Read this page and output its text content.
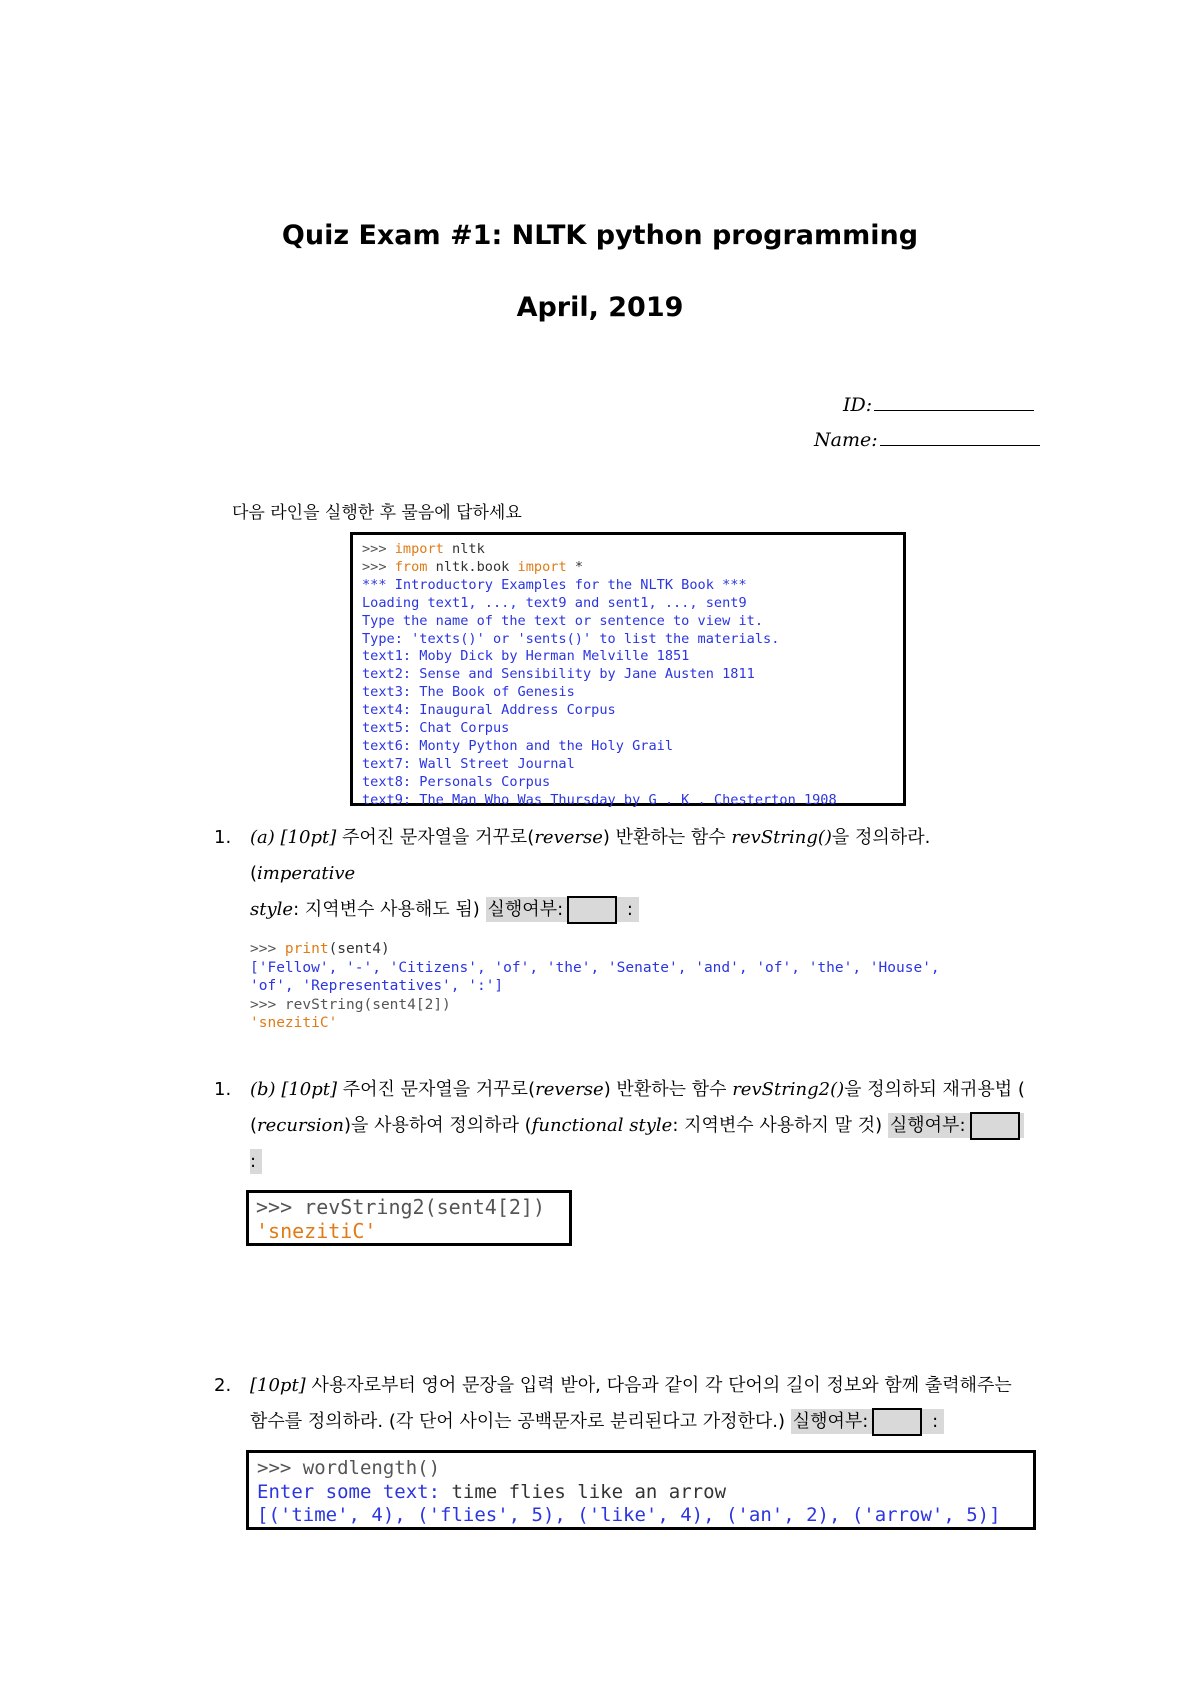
Quiz Exam #1: NLTK python programming
April, 2019
ID:
Name:
다음 라인을 실행한 후 물음에 답하세요
>>> import nltk
>>> from nltk.book import *
*** Introductory Examples for the NLTK Book ***
Loading text1, ..., text9 and sent1, ..., sent9
Type the name of the text or sentence to view it.
Type: 'texts()' or 'sents()' to list the materials.
text1: Moby Dick by Herman Melville 1851
text2: Sense and Sensibility by Jane Austen 1811
text3: The Book of Genesis
text4: Inaugural Address Corpus
text5: Chat Corpus
text6: Monty Python and the Holy Grail
text7: Wall Street Journal
text8: Personals Corpus
text9: The Man Who Was Thursday by G . K . Chesterton 1908
1. (a) [10pt] 주어진 문자열을 거꾸로(reverse) 반환하는 함수 revString()을 정의하라. (imperative
style: 지역변수 사용해도 됨) 실행여부:	:
>>> print(sent4)
['Fellow', '-', 'Citizens', 'of', 'the', 'Senate', 'and', 'of', 'the', 'House',
'of', 'Representatives', ':']
>>> revString(sent4[2])
'snezitiC'
1. (b) [10pt] 주어진 문자열을 거꾸로(reverse) 반환하는 함수 revString2()을 정의하되 재귀용법 (
(recursion)을 사용하여 정의하라 (functional style: 지역변수 사용하지 말 것) 실행여부: :
>>> revString2(sent4[2])
'snezitiC'
2. [10pt] 사용자로부터 영어 문장을 입력 받아, 다음과 같이 각 단어의 길이 정보와 함께 출력해주는 함수를 정의하라. (각 단어 사이는 공백문자로 분리된다고 가정한다.) 실행여부:	:
>>> wordlength()
Enter some text: time flies like an arrow
[('time', 4), ('flies', 5), ('like', 4), ('an', 2), ('arrow', 5)]
